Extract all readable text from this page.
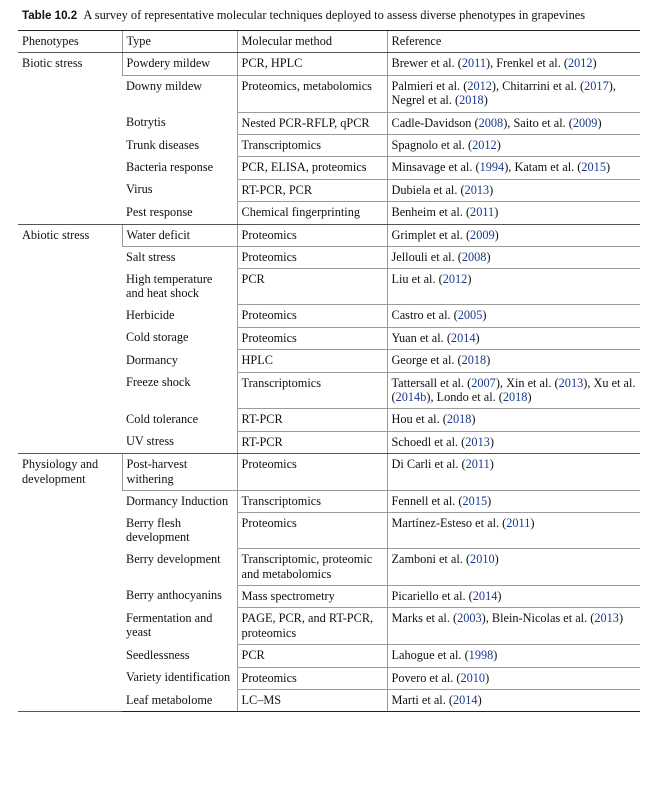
Table 10.2 A survey of representative molecular techniques deployed to assess diverse phenotypes in grapevines
Phenotypes	Type	Molecular method	Reference
Biotic stress	Powdery mildew	PCR, HPLC	Brewer et al. (2011), Frenkel et al. (2012)
	Downy mildew	Proteomics, metabolomics	Palmieri et al. (2012), Chitarrini et al. (2017), Negrel et al. (2018)
	Botrytis	Nested PCR-RFLP, qPCR	Cadle-Davidson (2008), Saito et al. (2009)
	Trunk diseases	Transcriptomics	Spagnolo et al. (2012)
	Bacteria response	PCR, ELISA, proteomics	Minsavage et al. (1994), Katam et al. (2015)
	Virus	RT-PCR, PCR	Dubiela et al. (2013)
	Pest response	Chemical fingerprinting	Benheim et al. (2011)
Abiotic stress	Water deficit	Proteomics	Grimplet et al. (2009)
	Salt stress	Proteomics	Jellouli et al. (2008)
	High temperature and heat shock	PCR	Liu et al. (2012)
	Herbicide	Proteomics	Castro et al. (2005)
	Cold storage	Proteomics	Yuan et al. (2014)
	Dormancy	HPLC	George et al. (2018)
	Freeze shock	Transcriptomics	Tattersall et al. (2007), Xin et al. (2013), Xu et al. (2014b), Londo et al. (2018)
	Cold tolerance	RT-PCR	Hou et al. (2018)
	UV stress	RT-PCR	Schoedl et al. (2013)
Physiology and development	Post-harvest withering	Proteomics	Di Carli et al. (2011)
	Dormancy Induction	Transcriptomics	Fennell et al. (2015)
	Berry flesh development	Proteomics	Martínez-Esteso et al. (2011)
	Berry development	Transcriptomic, proteomic and metabolomics	Zamboni et al. (2010)
	Berry anthocyanins	Mass spectrometry	Picariello et al. (2014)
	Fermentation and yeast	PAGE, PCR, and RT-PCR, proteomics	Marks et al. (2003), Blein-Nicolas et al. (2013)
	Seedlessness	PCR	Lahogue et al. (1998)
	Variety identification	Proteomics	Povero et al. (2010)
	Leaf metabolome	LC–MS	Marti et al. (2014)
